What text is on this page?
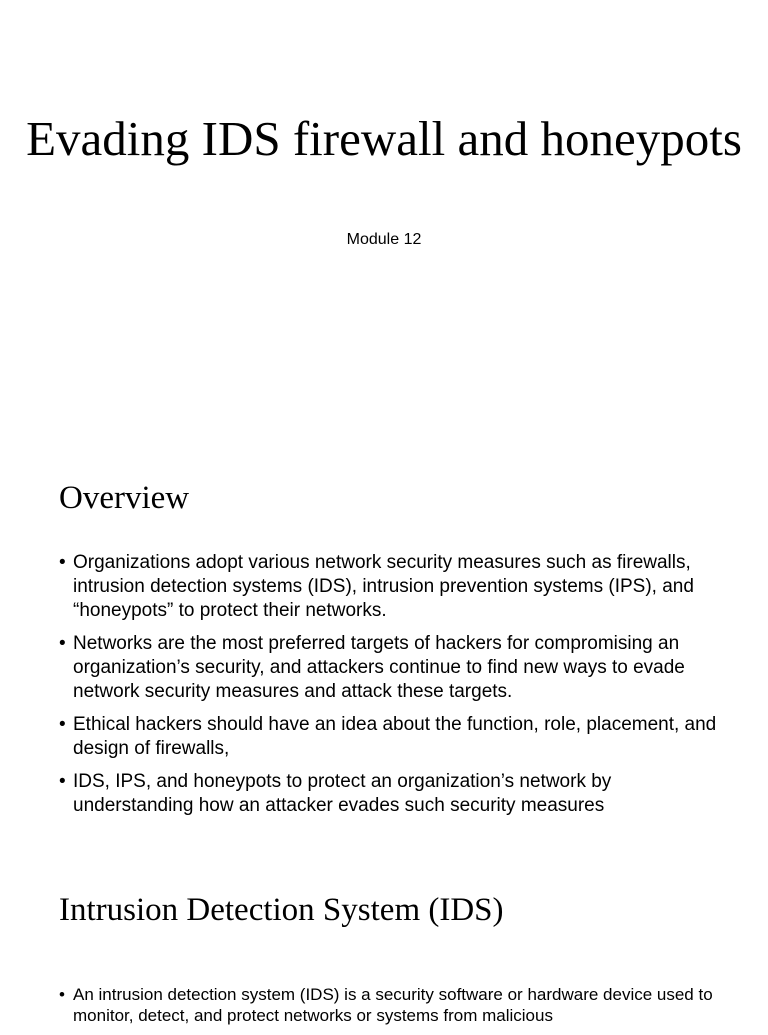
Evading IDS firewall and honeypots

Module 12

Overview
• Organizations adopt various network security measures such as firewalls, intrusion detection systems (IDS), intrusion prevention systems (IPS), and “honeypots” to protect their networks.
• Networks are the most preferred targets of hackers for compromising an organization’s security, and attackers continue to find new ways to evade network security measures and attack these targets.
• Ethical hackers should have an idea about the function, role, placement, and design of firewalls,
• IDS, IPS, and honeypots to protect an organization’s network by understanding how an attacker evades such security measures
Intrusion Detection System (IDS)
• An intrusion detection system (IDS) is a security software or hardware device used to monitor, detect, and protect networks or systems from malicious
